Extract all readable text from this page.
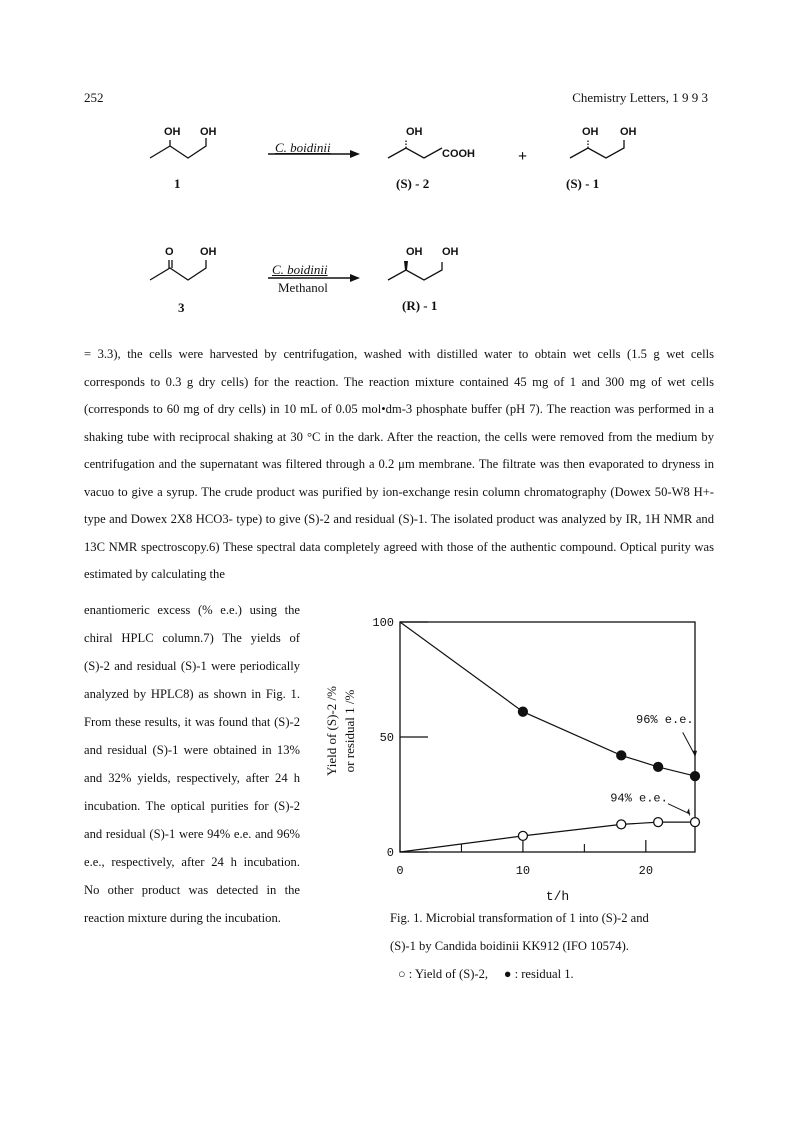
252	Chemistry Letters, 1 9 9 3
OH OH
1
C. boidinii
OH
COOH
(S) - 2
+
OH OH
(S) - 1
O OH
3
C. boidinii
Methanol
OH OH
(R) - 1

= 3.3), the cells were harvested by centrifugation, washed with distilled water to obtain wet cells (1.5 g wet cells corresponds to 0.3 g dry cells) for the reaction. The reaction mixture contained 45 mg of 1 and 300 mg of wet cells (corresponds to 60 mg of dry cells) in 10 mL of 0.05 mol•dm-3 phosphate buffer (pH 7). The reaction was performed in a shaking tube with reciprocal shaking at 30 °C in the dark. After the reaction, the cells were removed from the medium by centrifugation and the supernatant was filtered through a 0.2 μm membrane. The filtrate was then evaporated to dryness in vacuo to give a syrup. The crude product was purified by ion-exchange resin column chromatography (Dowex 50-W8 H+-type and Dowex 2X8 HCO3- type) to give (S)-2 and residual (S)-1. The isolated product was analyzed by IR, 1H NMR and 13C NMR spectroscopy.6) These spectral data completely agreed with those of the authentic compound. Optical purity was estimated by calculating the

enantiomeric excess (% e.e.) using the chiral HPLC column.7) The yields of (S)-2 and residual (S)-1 were periodically analyzed by HPLC8) as shown in Fig. 1. From these results, it was found that (S)-2 and residual (S)-1 were obtained in 13% and 32% yields, respectively, after 24 h incubation. The optical purities for (S)-2 and residual (S)-1 were 94% e.e. and 96% e.e., respectively, after 24 h incubation. No other product was detected in the reaction mixture during the incubation.

0
50
100
0	10	20
t/h
Yield of (S)-2 /% or residual 1 /%	96% e.e.
94% e.e.
Fig. 1. Microbial transformation of 1 into (S)-2 and
(S)-1 by Candida boidinii KK912 (IFO 10574).
○ : Yield of (S)-2, ● : residual 1.
